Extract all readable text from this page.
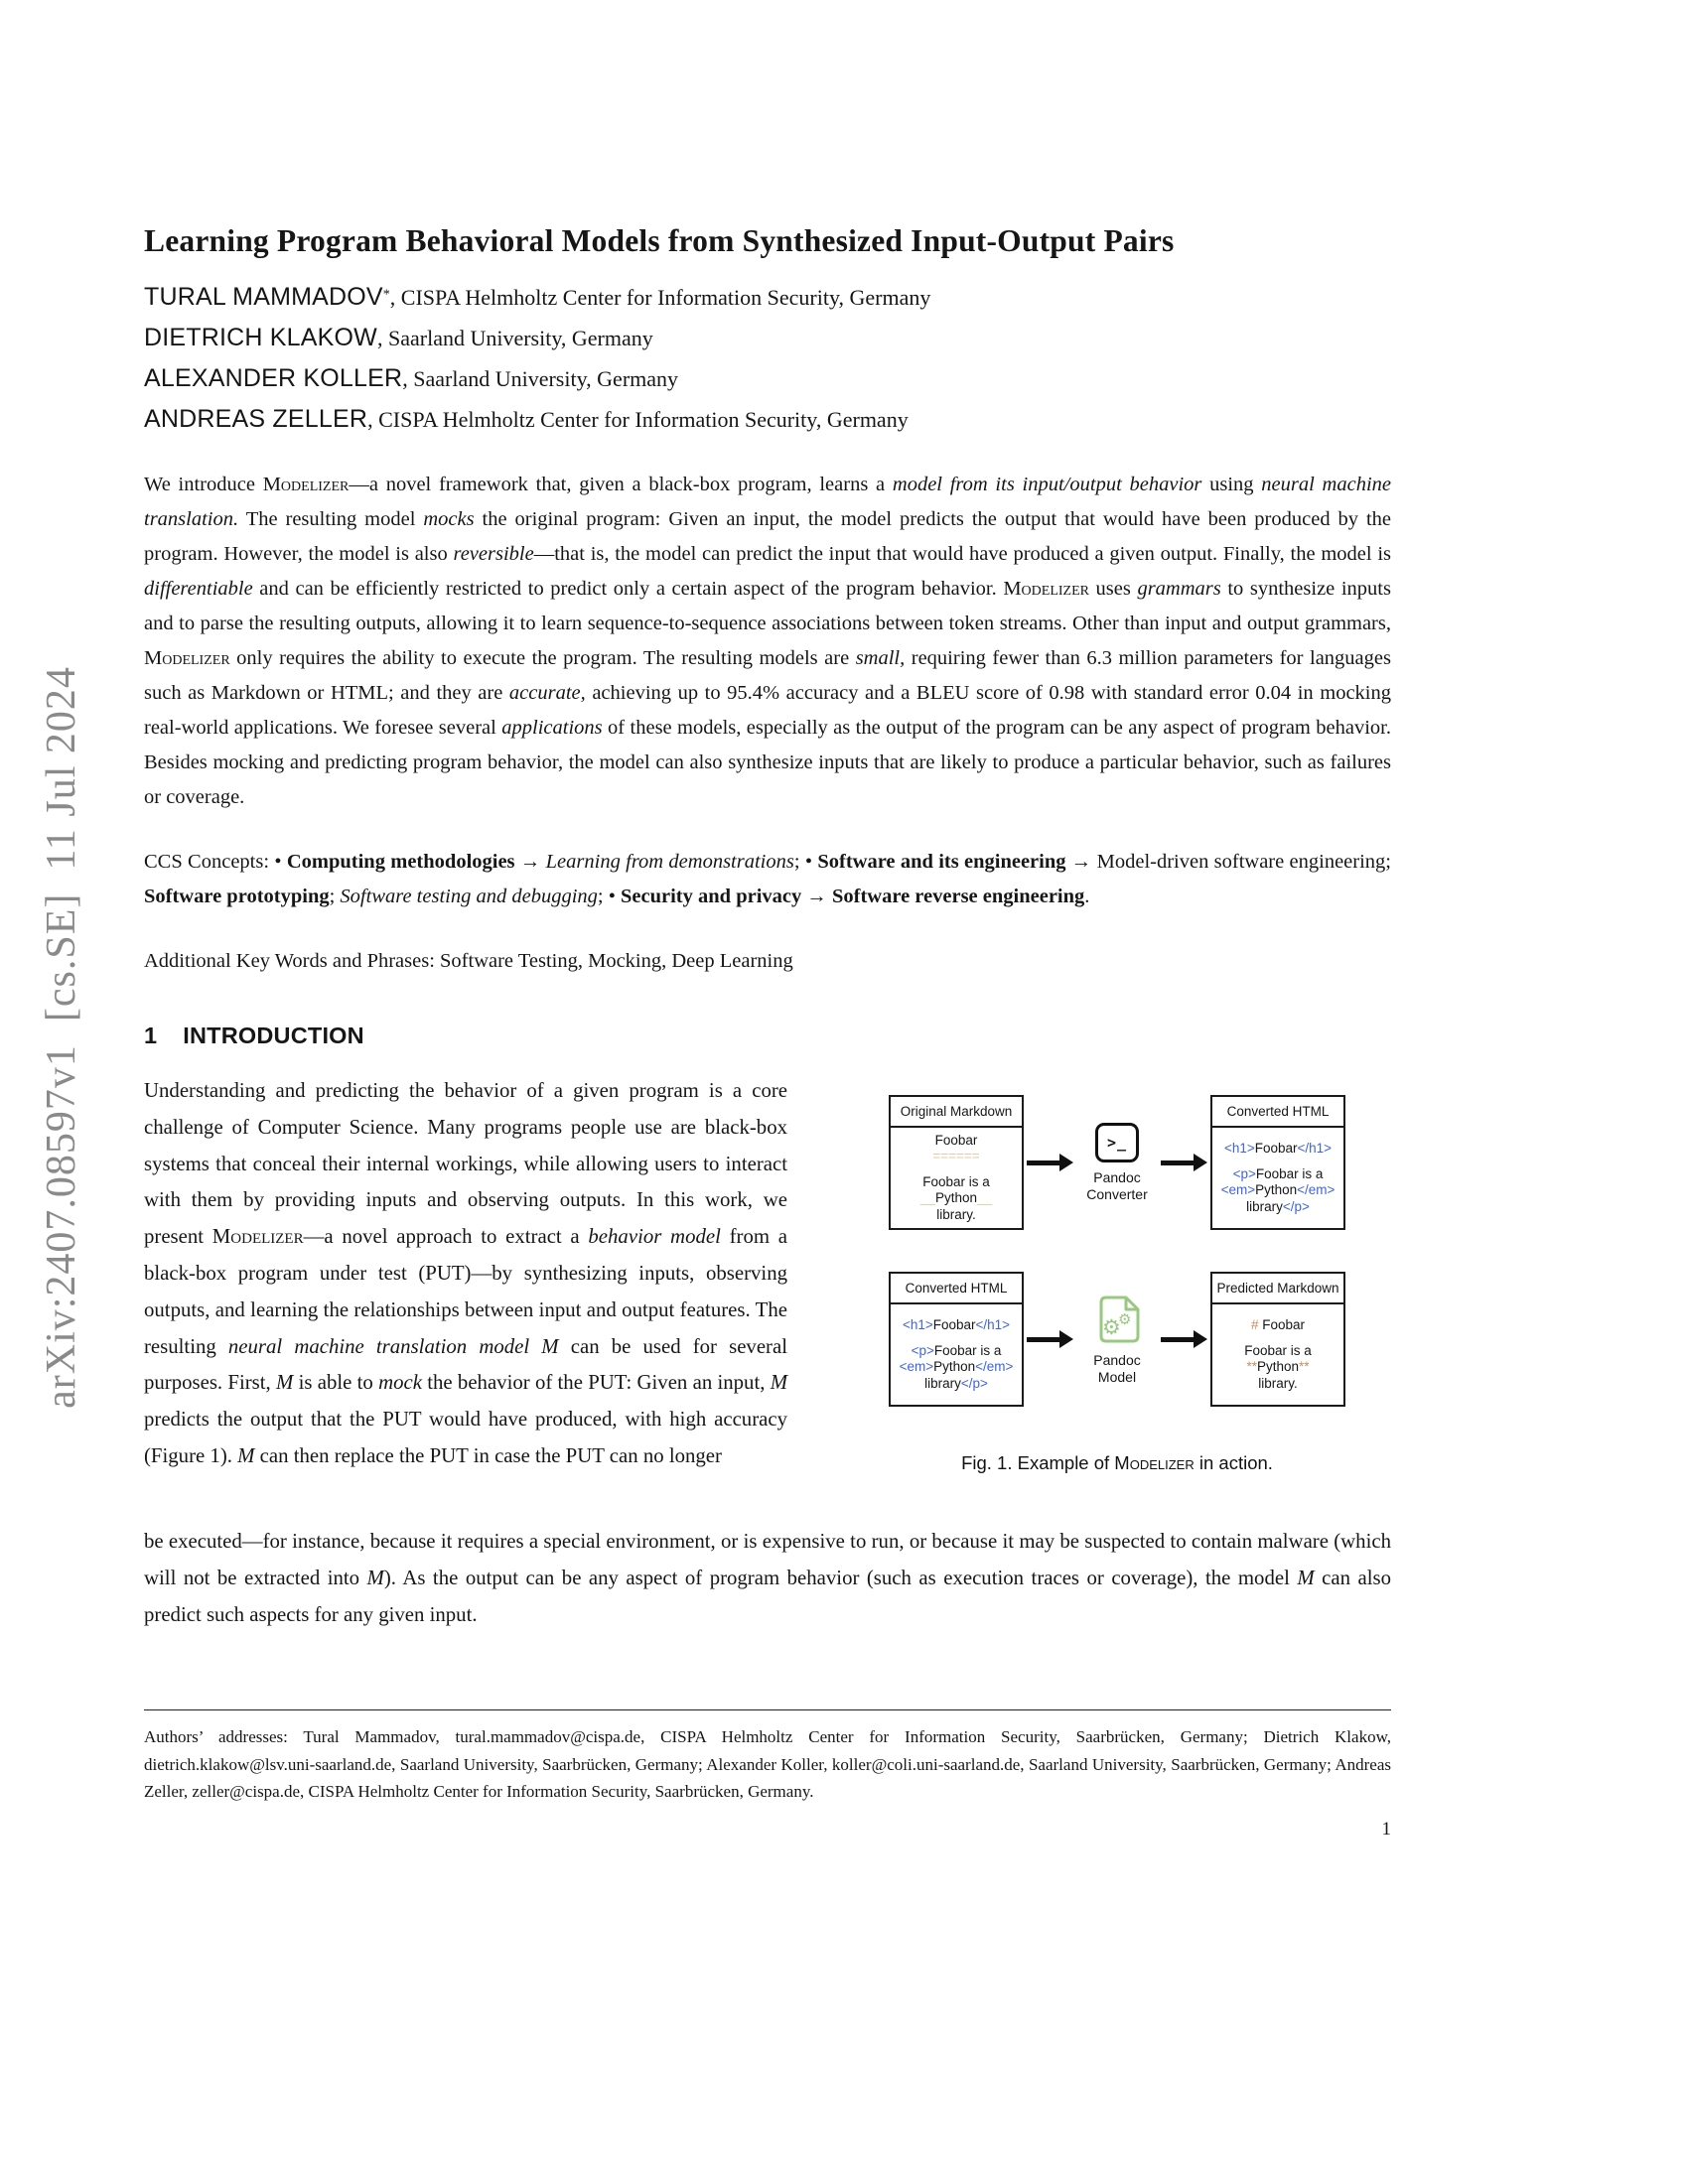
arXiv:2407.08597v1  [cs.SE]  11 Jul 2024
Learning Program Behavioral Models from Synthesized Input-Output Pairs
TURAL MAMMADOV*, CISPA Helmholtz Center for Information Security, Germany
DIETRICH KLAKOW, Saarland University, Germany
ALEXANDER KOLLER, Saarland University, Germany
ANDREAS ZELLER, CISPA Helmholtz Center for Information Security, Germany

We introduce Modelizer—a novel framework that, given a black-box program, learns a model from its input/output behavior using neural machine translation. The resulting model mocks the original program: Given an input, the model predicts the output that would have been produced by the program. However, the model is also reversible—that is, the model can predict the input that would have produced a given output. Finally, the model is differentiable and can be efficiently restricted to predict only a certain aspect of the program behavior. Modelizer uses grammars to synthesize inputs and to parse the resulting outputs, allowing it to learn sequence-to-sequence associations between token streams. Other than input and output grammars, Modelizer only requires the ability to execute the program. The resulting models are small, requiring fewer than 6.3 million parameters for languages such as Markdown or HTML; and they are accurate, achieving up to 95.4% accuracy and a BLEU score of 0.98 with standard error 0.04 in mocking real-world applications. We foresee several applications of these models, especially as the output of the program can be any aspect of program behavior. Besides mocking and predicting program behavior, the model can also synthesize inputs that are likely to produce a particular behavior, such as failures or coverage.

CCS Concepts: • Computing methodologies → Learning from demonstrations; • Software and its engineering → Model-driven software engineering; Software prototyping; Software testing and debugging; • Security and privacy → Software reverse engineering.

Additional Key Words and Phrases: Software Testing, Mocking, Deep Learning

1 INTRODUCTION

Understanding and predicting the behavior of a given program is a core challenge of Computer Science. Many programs people use are black-box systems that conceal their internal workings, while allowing users to interact with them by providing inputs and observing outputs. In this work, we present Modelizer—a novel approach to extract a behavior model from a black-box program under test (PUT)—by synthesizing inputs, observing outputs, and learning the relationships between input and output features. The resulting neural machine translation model M can be used for several purposes. First, M is able to mock the behavior of the PUT: Given an input, M predicts the output that the PUT would have produced, with high accuracy (Figure 1). M can then replace the PUT in case the PUT can no longer

Original Markdown
Foobar
======
Foobar is a
__Python__
library.
>_
Pandoc
Converter
Converted HTML
<h1>Foobar</h1>
<p>Foobar is a
<em>Python</em>
library</p>
Converted HTML
<h1>Foobar</h1>
<p>Foobar is a
<em>Python</em>
library</p>
⚙
⚙
Pandoc
Model
Predicted Markdown
# Foobar
Foobar is a
**Python**
library.

Fig. 1. Example of Modelizer in action.

be executed—for instance, because it requires a special environment, or is expensive to run, or because it may be suspected to contain malware (which will not be extracted into M). As the output can be any aspect of program behavior (such as execution traces or coverage), the model M can also predict such aspects for any given input.

Authors’ addresses: Tural Mammadov, tural.mammadov@cispa.de, CISPA Helmholtz Center for Information Security, Saarbrücken, Germany; Dietrich Klakow, dietrich.klakow@lsv.uni-saarland.de, Saarland University, Saarbrücken, Germany; Alexander Koller, koller@coli.uni-saarland.de, Saarland University, Saarbrücken, Germany; Andreas Zeller, zeller@cispa.de, CISPA Helmholtz Center for Information Security, Saarbrücken, Germany.
1
